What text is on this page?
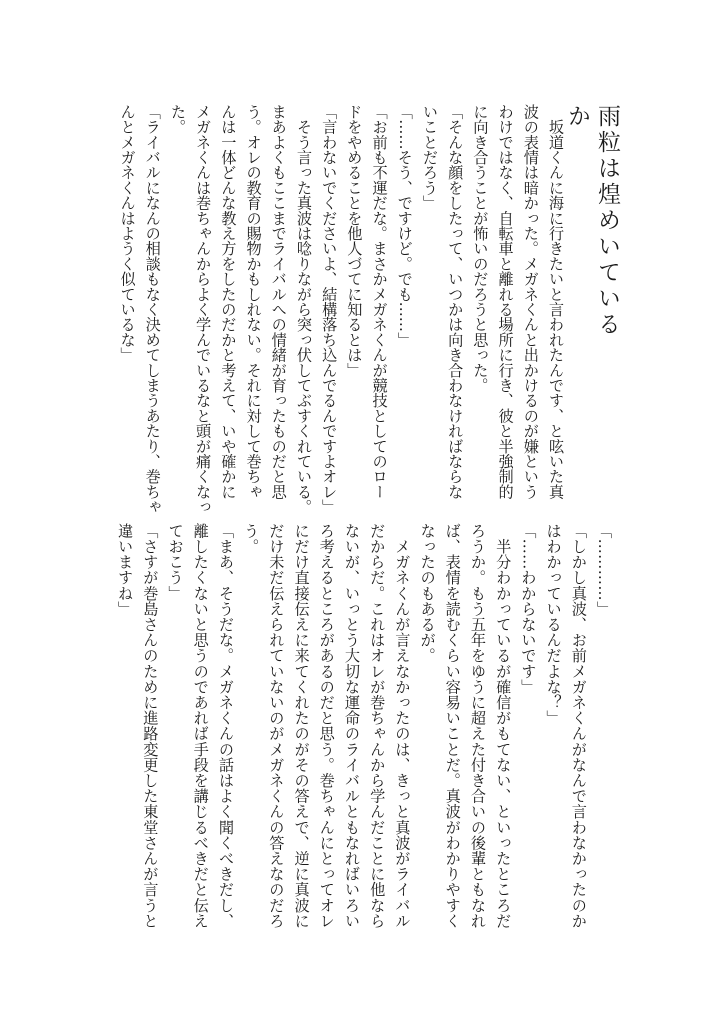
雨粒は煌めいているか
　坂道くんに海に行きたいと言われたんです、と呟いた真
波の表情は暗かった。メガネくんと出かけるのが嫌という
わけではなく、自転車と離れる場所に行き、彼と半強制的
に向き合うことが怖いのだろうと思った。
「そんな顔をしたって、いつかは向き合わなければならな
いことだろう」
「……そう、ですけど。でも……」
「お前も不運だな。まさかメガネくんが競技としてのロー
ドをやめることを他人づてに知るとは」
「言わないでくださいよ、結構落ち込んでるんですよオレ」
　そう言った真波は唸りながら突っ伏してぶすくれている。
まあよくもここまでライバルへの情緒が育ったものだと思
う。オレの教育の賜物かもしれない。それに対して巻ちゃ
んは一体どんな教え方をしたのだかと考えて、いや確かに
メガネくんは巻ちゃんからよく学んでいるなと頭が痛くなっ
た。
「ライバルになんの相談もなく決めてしまうあたり、巻ちゃ
んとメガネくんはようく似ているな」
「…………」
「しかし真波、お前メガネくんがなんで言わなかったのか
はわかっているんだよな？」
「……わからないです」
　半分わかっているが確信がもてない、といったところだ
ろうか。もう五年をゆうに超えた付き合いの後輩ともなれ
ば、表情を読むくらい容易いことだ。真波がわかりやすく
なったのもあるが。
　メガネくんが言えなかったのは、きっと真波がライバル
だからだ。これはオレが巻ちゃんから学んだことに他なら
ないが、いっとう大切な運命のライバルともなればいろい
ろ考えるところがあるのだと思う。巻ちゃんにとってオレ
にだけ直接伝えに来てくれたのがその答えで、逆に真波に
だけ未だ伝えられていないのがメガネくんの答えなのだろ
う。
「まあ、そうだな。メガネくんの話はよく聞くべきだし、
離したくないと思うのであれば手段を講じるべきだと伝え
ておこう」
「さすが巻島さんのために進路変更した東堂さんが言うと
違いますね」
